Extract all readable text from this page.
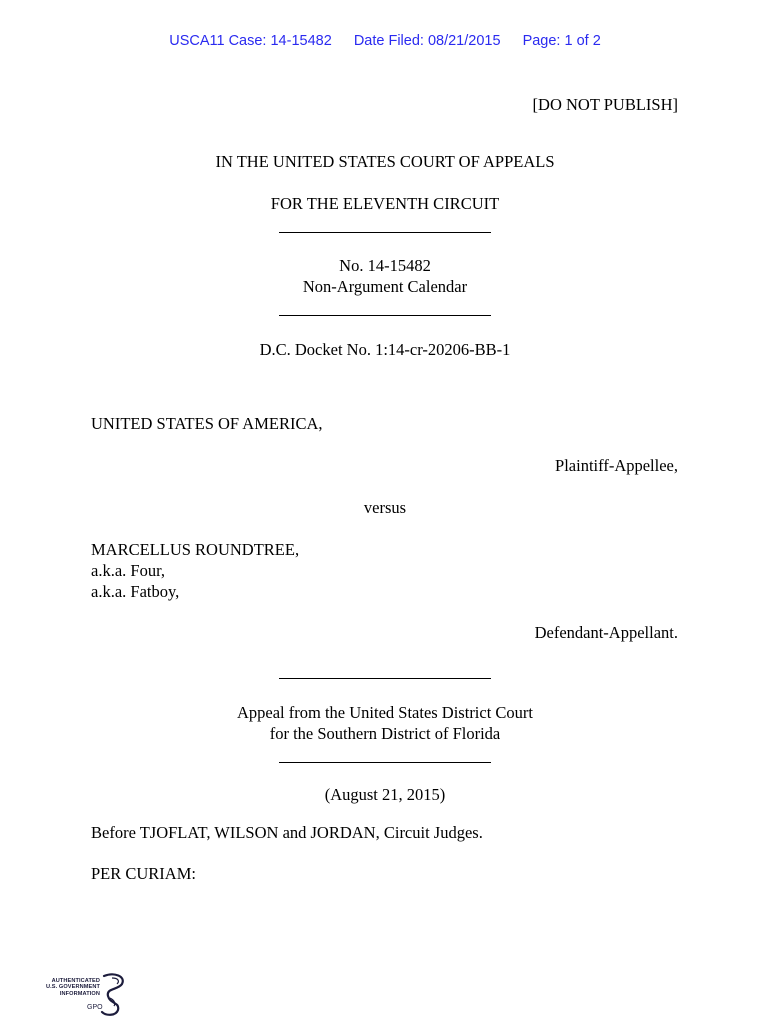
USCA11 Case: 14-15482 Date Filed: 08/21/2015 Page: 1 of 2
[DO NOT PUBLISH]
IN THE UNITED STATES COURT OF APPEALS
FOR THE ELEVENTH CIRCUIT
No. 14-15482
Non-Argument Calendar
D.C. Docket No. 1:14-cr-20206-BB-1
UNITED STATES OF AMERICA,
Plaintiff-Appellee,
versus
MARCELLUS ROUNDTREE,
a.k.a. Four,
a.k.a. Fatboy,
Defendant-Appellant.
Appeal from the United States District Court
for the Southern District of Florida
(August 21, 2015)
Before TJOFLAT, WILSON and JORDAN, Circuit Judges.
PER CURIAM:
AUTHENTICATED
U.S. GOVERNMENT
INFORMATION
GPO
